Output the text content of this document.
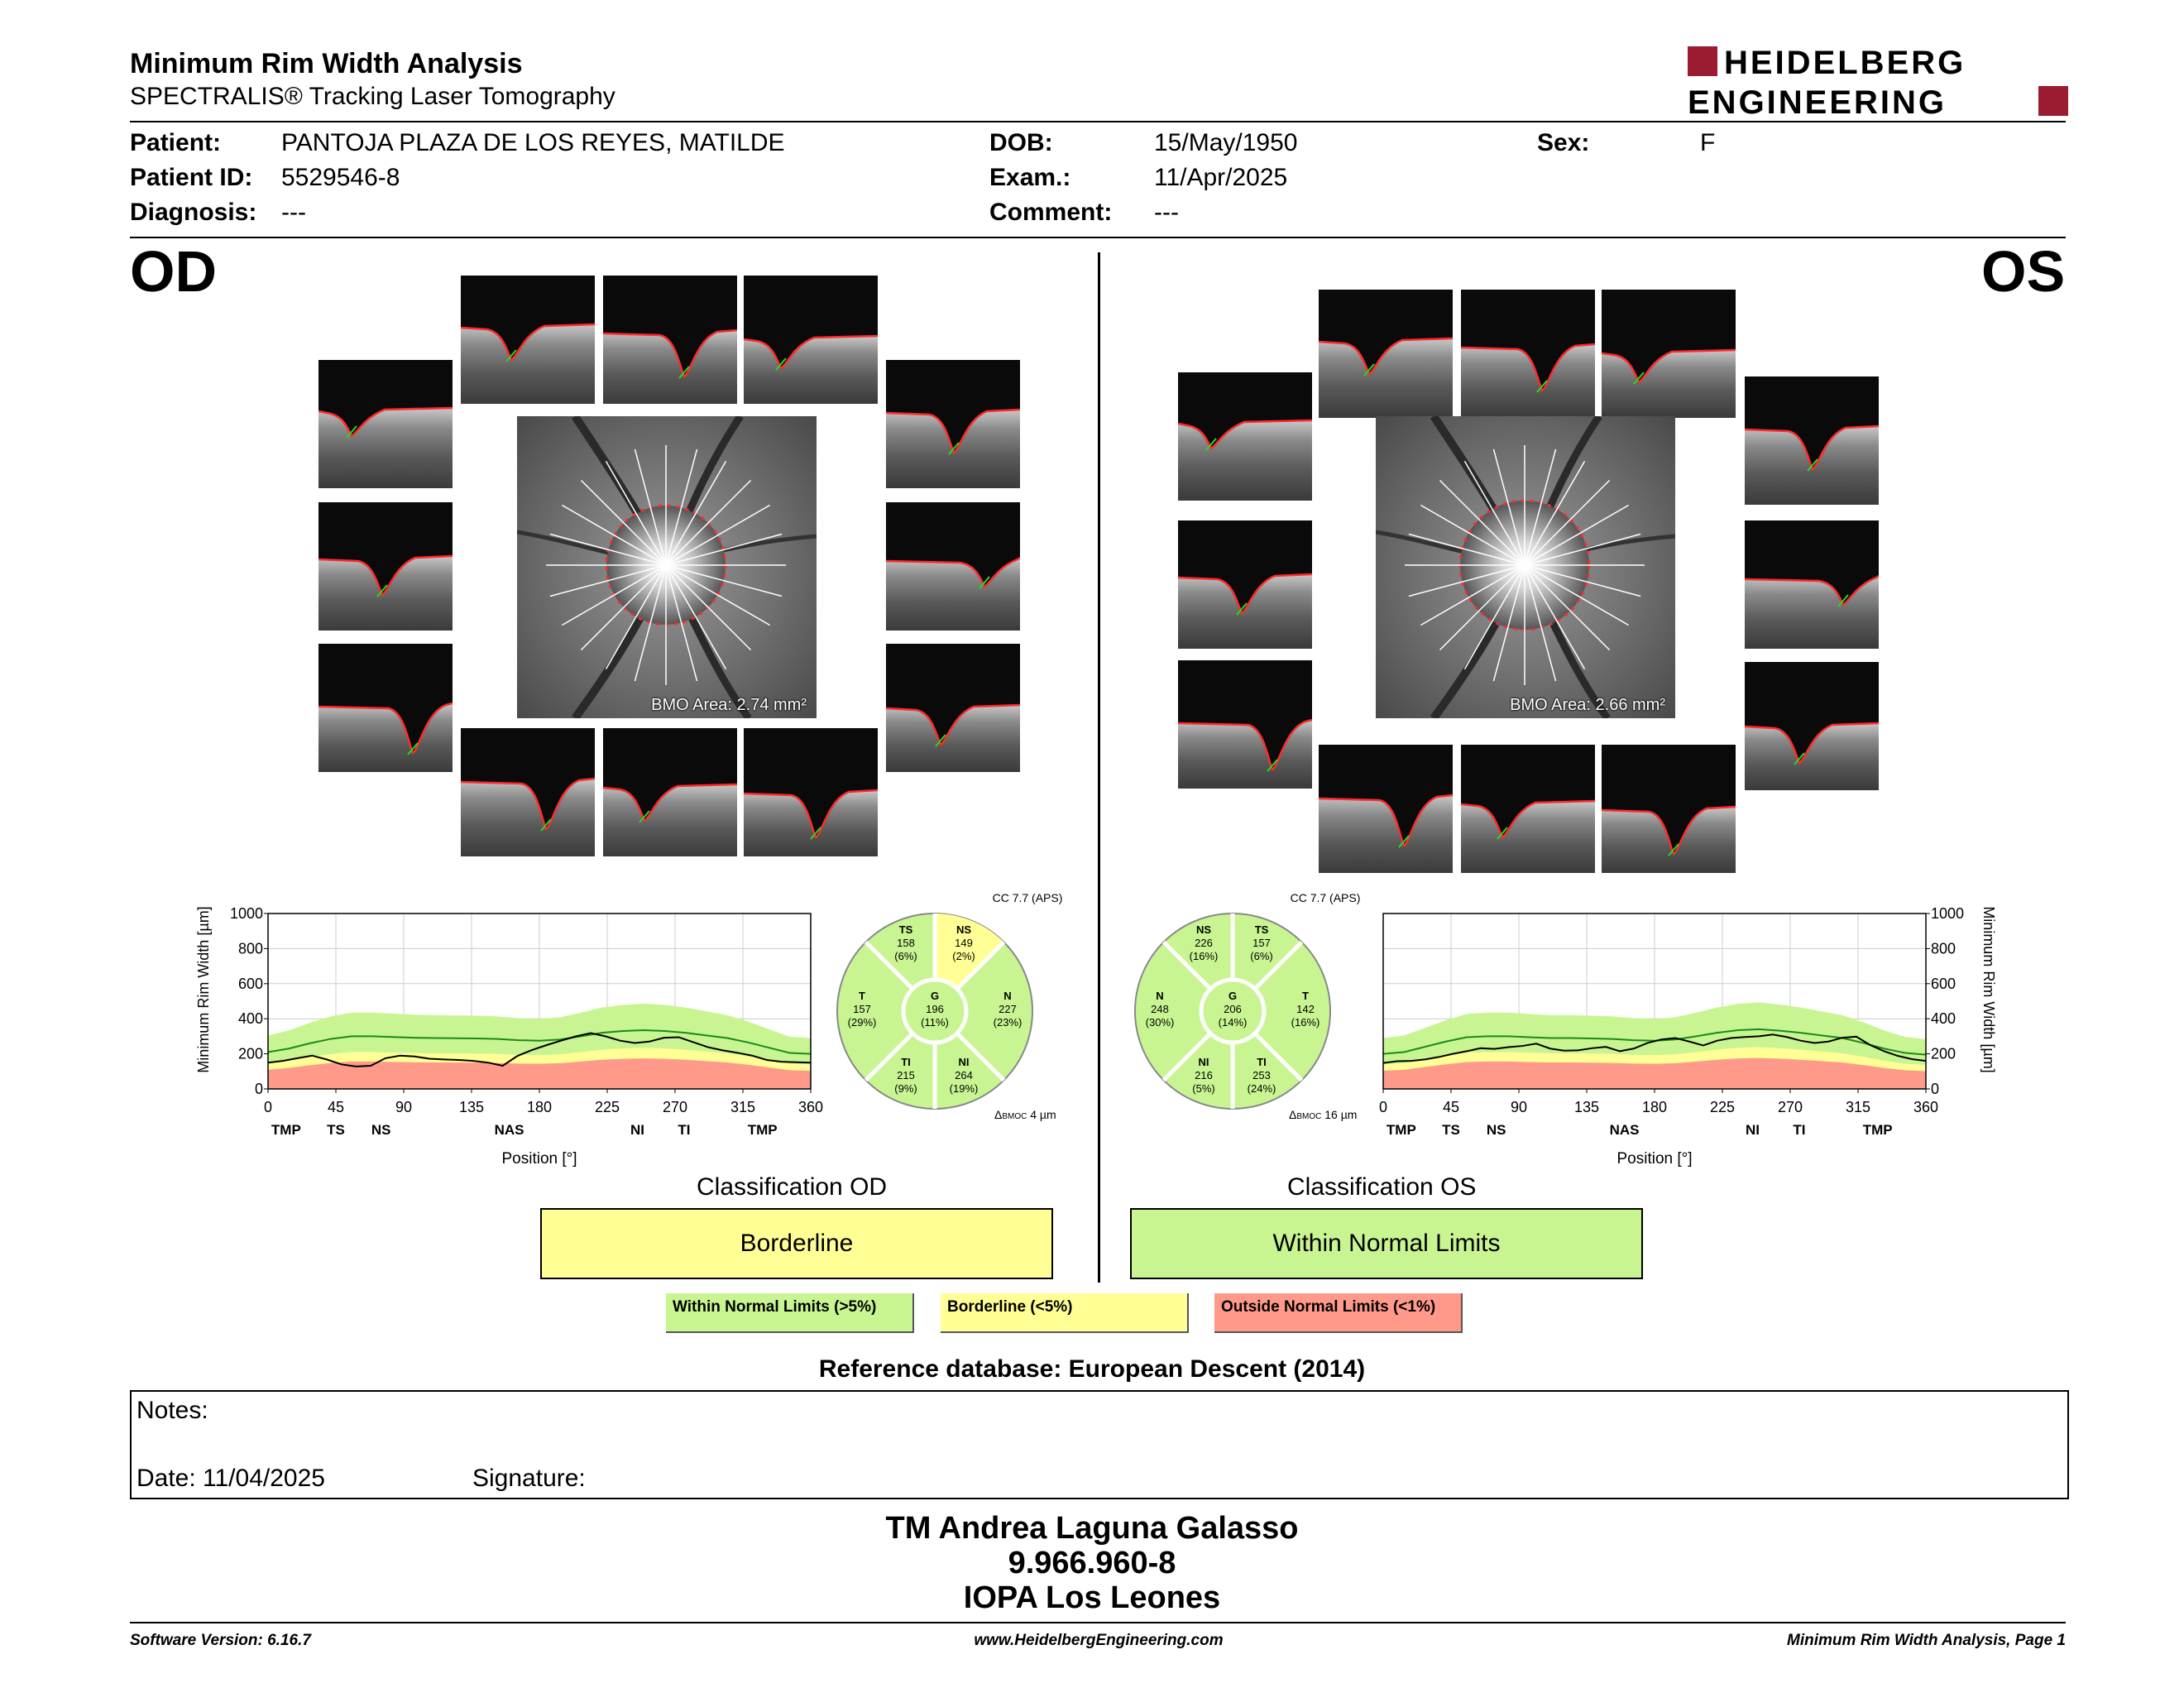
Minimum Rim Width Analysis
SPECTRALIS® Tracking Laser Tomography
HEIDELBERG
ENGINEERING
Patient: PANTOJA PLAZA DE LOS REYES, MATILDE
Patient ID: 5529546-8
Diagnosis: ---
DOB:	15/May/1950
Exam.:	11/Apr/2025
Comment: ---
Sex:	F
OD	OS
BMO Area: 2.74 mm²	BMO Area: 2.66 mm²
Minimum Rim Width [µm]
Position [°]
0
200
400
600
800
1000
0	45	90	135	180	225	270	315	360
TMP TS NS	NAS	NI TI	TMP
Minimum Rim Width [µm]
Position [°]
0
200
400
600
800
1000
0	45	90	135	180	225	270	315	360
TMP TS NS	NAS	NI TI	TMP
CC 7.7 (APS)
ΔBMOC 4 µm
TS
158
(6%)
NS
149
(2%)
T
157
(29%)
G
196
(11%)
N
227
(23%)
TI
215
(9%)
NI
264
(19%)
CC 7.7 (APS)
ΔBMOC 16 µm
NS
226
(16%)
TS
157
(6%)
N
248
(30%)
G
206
(14%)
T
142
(16%)
NI
216
(5%)
TI
253
(24%)
Classification OD	Classification OS
Borderline	Within Normal Limits
Within Normal Limits (>5%)	Borderline (<5%)	Outside Normal Limits (<1%)
Reference database: European Descent (2014)
Notes:
Date: 11/04/2025	Signature:
TM Andrea Laguna Galasso
9.966.960-8
IOPA Los Leones
Software Version: 6.16.7	www.HeidelbergEngineering.com	Minimum Rim Width Analysis, Page 1
